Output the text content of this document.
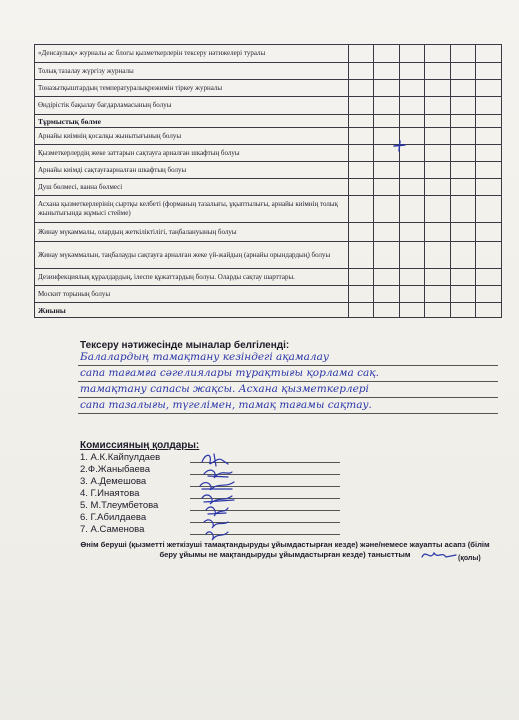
«Денсаулық» журналы ас блогы қызметкерлерін тексеру нәтижелері туралы						
Толық тазалау жүргізу журналы						
Тоназытқыштардың температуралықрежимін тіркеу журналы						
Өндірістік бақылау бағдарламасының болуы						
Тұрмыстық бөлме						
Арнайы киімнің қосалқы жынытығының болуы						
Қызметкерлердің жеке заттарын сақтауға арналған шкафтың болуы						
Арнайы киімді сақтауғаарналған шкафтың болуы						
Душ бөлмесі, ванна бөлмесі						
Асхана қызметкерлерінің сыртқы келбеті (форманың тазалығы, ұқыптылығы, арнайы киімнің толық жынытығында жұмысі стейме)						
Жинау мүкаммалы, олардың жеткіліктілігі, таңбалануының болуы						
Жинау мүкәммалын, таңбалауды сақтауға арналған жеке үй-жайдың (арнайы орындардың) болуы						
Дезинфекциялық құралдардың, ілеспе құжаттардың болуы. Оларды сақтау шарттары.						
Москит торының болуы						
Жиыны						
Тексеру нәтижесінде мыналар белгіленді:
Балалардың тамақтану кезіндегі ақамалау
сапа тағамға сәгелиялары тұрақтығы қорлама сақ.
тамақтану сапасы жақсы. Асхана қызметкерлері
сапа тазалығы, түгелімен, тамақ тағамы сақтау.
Комиссияның қолдары:
1. А.К.Кайпулдаев
2.Ф.Жаныбаева
3. А.Демешова
4. Г.Инаятова
5. М.Тлеумбетова
6. Г.Абилдаева
7. А.Саменова
Өнім беруші (қызметті жеткізуші тамақтандыруды ұйымдастырған кезде) және/немесе жауапты асапз (білім беру ұйымы не мақтандыруды ұйымдастырған кезде) танысттым	(қолы)
